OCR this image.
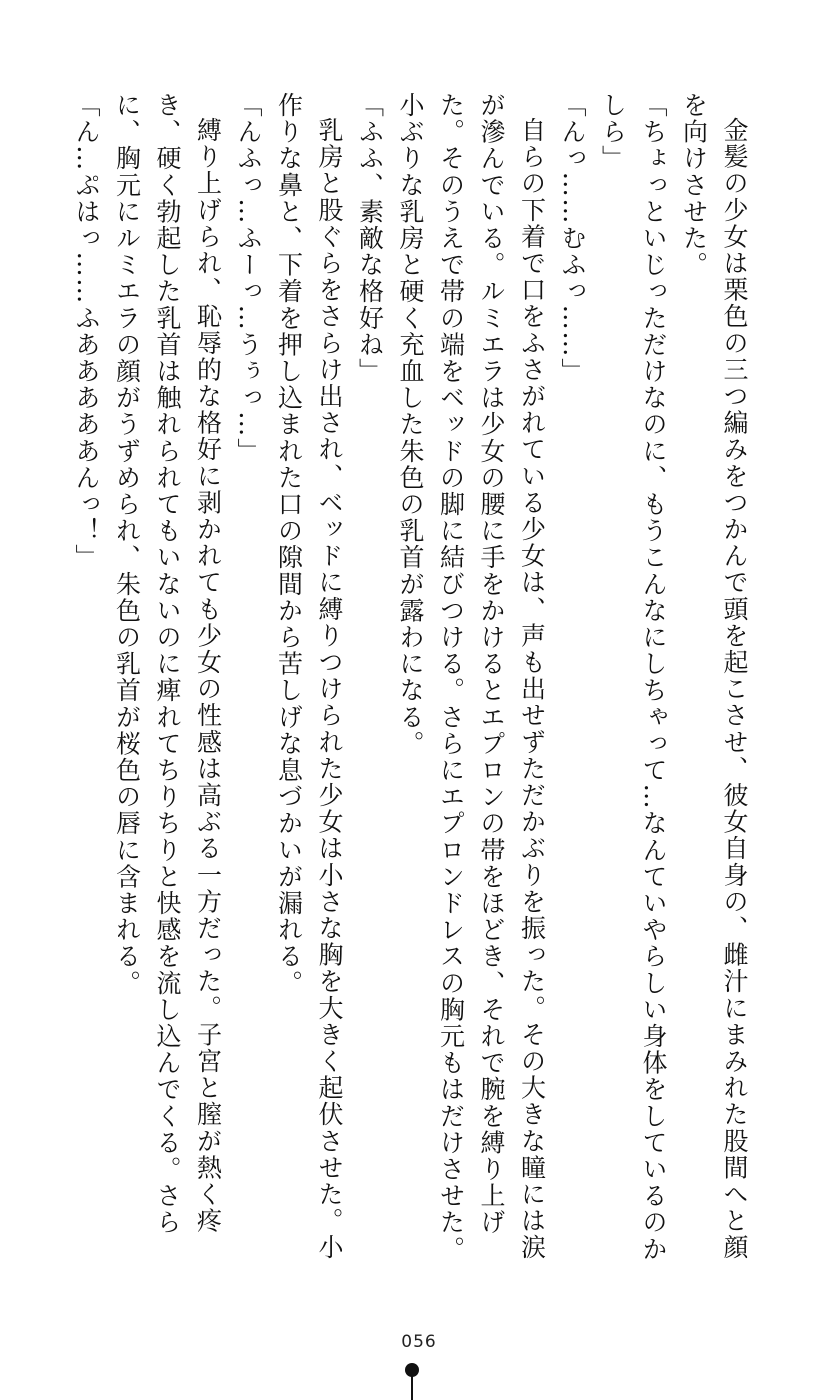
金髪の少女は栗色の三つ編みをつかんで頭を起こさせ、彼女自身の、雌汁にまみれた股間へと顔を向けさせた。

「ちょっといじっただけなのに、もうこんなにしちゃって…なんていやらしい身体をしているのかしら」

「んっ……むふっ……」

自らの下着で口をふさがれている少女は、声も出せずただかぶりを振った。その大きな瞳には涙が滲んでいる。ルミエラは少女の腰に手をかけるとエプロンの帯をほどき、それで腕を縛り上げた。そのうえで帯の端をベッドの脚に結びつける。さらにエプロンドレスの胸元もはだけさせた。小ぶりな乳房と硬く充血した朱色の乳首が露わになる。

「ふふ、素敵な格好ね」

乳房と股ぐらをさらけ出され、ベッドに縛りつけられた少女は小さな胸を大きく起伏させた。小作りな鼻と、下着を押し込まれた口の隙間から苦しげな息づかいが漏れる。

「んふっ…ふーっ…うぅっ…」

縛り上げられ、恥辱的な格好に剥かれても少女の性感は高ぶる一方だった。子宮と膣が熱く疼き、硬く勃起した乳首は触れられてもいないのに痺れてちりちりと快感を流し込んでくる。さらに、胸元にルミエラの顔がうずめられ、朱色の乳首が桜色の唇に含まれる。

「ん…ぷはっ……ふあああああんっ！」

056
